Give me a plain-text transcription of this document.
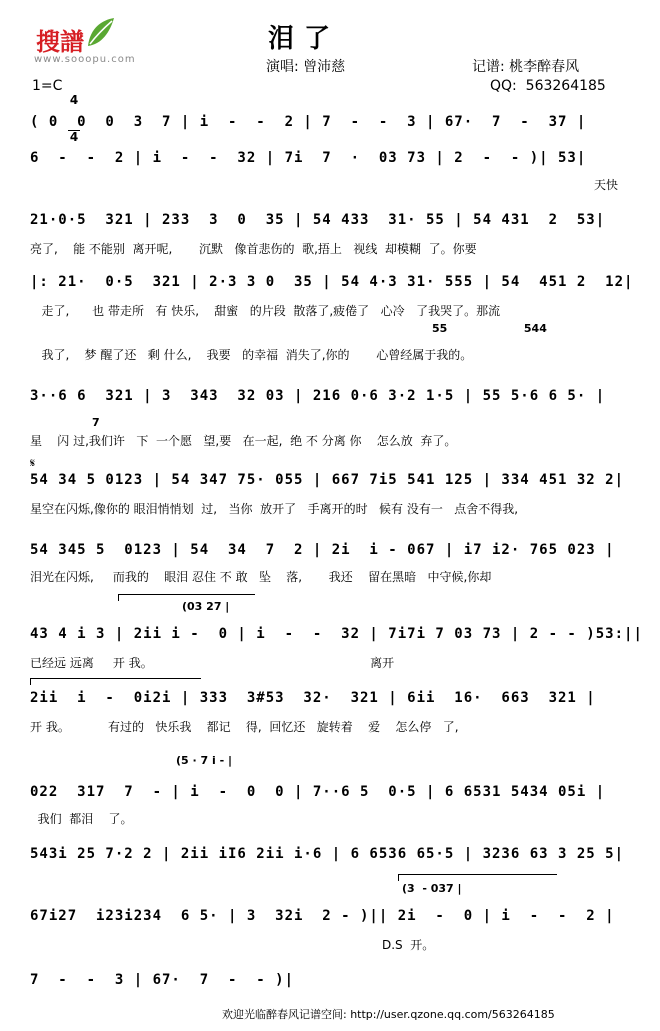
搜譜

www.sooopu.com

泪了
演唱: 曾沛慈	记谱: 桃李醉春风
QQ:  563264185
1=C

4

4

( 0  0  0  3  7 | i  -  -  2 | 7  -  -  3 | 67·  7  -  37 |
6  -  -  2 | i  -  -  32 | 7i  7  ·  03 73 | 2  -  - )| 53|
天快
21·0·5  321 | 233  3  0  35 | 54 433  31· 55 | 54 431  2  53|
亮了,    能 不能别  离开呢,       沉默   像首悲伤的  歌,捂上   视线  却模糊  了。你要
|: 21·  0·5  321 | 2·3 3 0  35 | 54 4·3 31· 555 | 54  451 2  12|
走了,      也 带走所   有 快乐,    甜蜜   的片段  散落了,疲倦了   心冷   了我哭了。那流
55                    544
我了,    梦 醒了还   剩 什么,    我要   的幸福  消失了,你的       心曾经属于我的。
3··6 6  321 | 3  343  32 03 | 216 0·6 3·2 1·5 | 55 5·6 6 5· |
7
星    闪 过,我们许   下  一个愿   望,要   在一起,  绝 不 分离 你    怎么放  弃了。
𝄋
54 34 5 0123 | 54 347 75· 055 | 667 7i5 541 125 | 334 451 32 2|
星空在闪烁,像你的 眼泪悄悄划  过,   当你  放开了   手离开的时   候有 没有一   点舍不得我,
54 345 5  0123 | 54  34  7  2 | 2i  i - 067 | i7 i2· 765 023 |
泪光在闪烁,     而我的    眼泪 忍住 不 敢   坠    落,       我还    留在黑暗   中守候,你却
(03 27 |
43 4 i 3 | 2ii i -  0 | i  -  -  32 | 7i7i 7 03 73 | 2 - - )53:||
已经远 远离     开 我。                                                         离开
2ii  i  -  0i2i | 333  3#53  32·  321 | 6ii  16·  663  321 |
开 我。          有过的   快乐我    都记    得,  回忆还   旋转着    爱    怎么停   了,
(5 · 7 i - |
022  317  7  - | i  -  0  0 | 7··6 5  0·5 | 6 6531 5434 05i |
我们  都泪    了。
543i 25 7·2 2 | 2ii iI6 2ii i·6 | 6 6536 65·5 | 3236 63 3 25 5|
(3  - 037 |
67i27  i23i234  6 5· | 3  32i  2 - )|| 2i  -  0 | i  -  -  2 |
D.S  开。
7  -  -  3 | 67·  7  -  - )|
欢迎光临醉春风记谱空间: http://user.qzone.qq.com/563264185
